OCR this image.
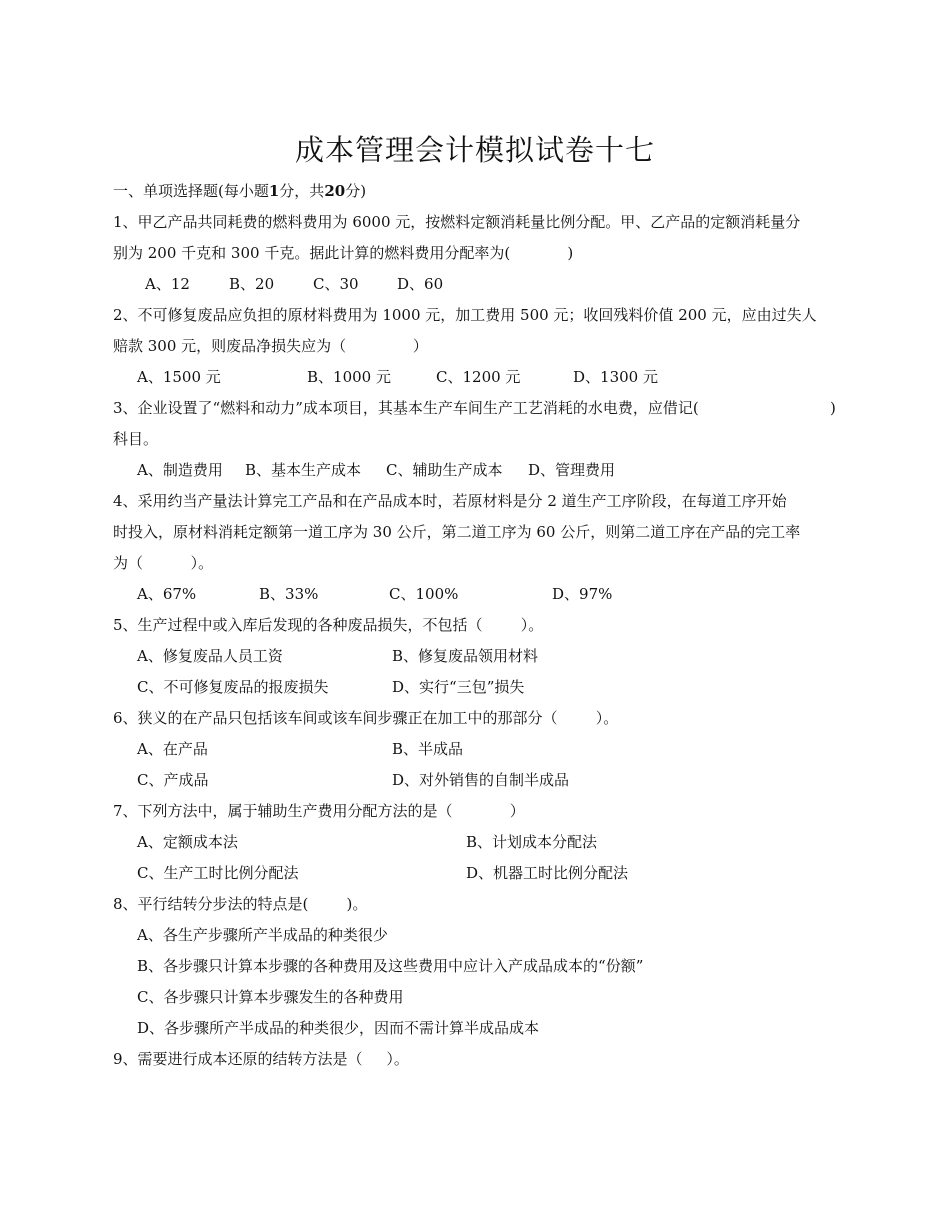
成本管理会计模拟试卷十七
一、单项选择题(每小题1分，共20分)
1、甲乙产品共同耗费的燃料费用为 6000 元，按燃料定额消耗量比例分配。甲、乙产品的定额消耗量分
别为 200 千克和 300 千克。据此计算的燃料费用分配率为(            )
A、12	B、20	C、30	D、60
2、不可修复废品应负担的原材料费用为 1000 元，加工费用 500 元；收回残料价值 200 元，应由过失人
赔款 300 元，则废品净损失应为（              ）
A、1500 元	B、1000 元	C、1200 元	D、1300 元
3、企业设置了“燃料和动力”成本项目，其基本生产车间生产工艺消耗的水电费，应借记(	)
科目。
A、制造费用 B、基本生产成本 C、辅助生产成本 D、管理费用
4、采用约当产量法计算完工产品和在产品成本时，若原材料是分 2 道生产工序阶段，在每道工序开始
时投入，原材料消耗定额第一道工序为 30 公斤，第二道工序为 60 公斤，则第二道工序在产品的完工率
为（          ）。
A、67%	B、33%	C、100%	D、97%
5、生产过程中或入库后发现的各种废品损失，不包括（        ）。
A、修复废品人员工资	B、修复废品领用材料
C、不可修复废品的报废损失	D、实行“三包”损失
6、狭义的在产品只包括该车间或该车间步骤正在加工中的那部分（        ）。
A、在产品	B、半成品
C、产成品	D、对外销售的自制半成品
7、下列方法中，属于辅助生产费用分配方法的是（            ）
A、定额成本法	B、计划成本分配法
C、生产工时比例分配法	D、机器工时比例分配法
8、平行结转分步法的特点是(        )。
A、各生产步骤所产半成品的种类很少
B、各步骤只计算本步骤的各种费用及这些费用中应计入产成品成本的“份额”
C、各步骤只计算本步骤发生的各种费用
D、各步骤所产半成品的种类很少，因而不需计算半成品成本
9、需要进行成本还原的结转方法是（     ）。
